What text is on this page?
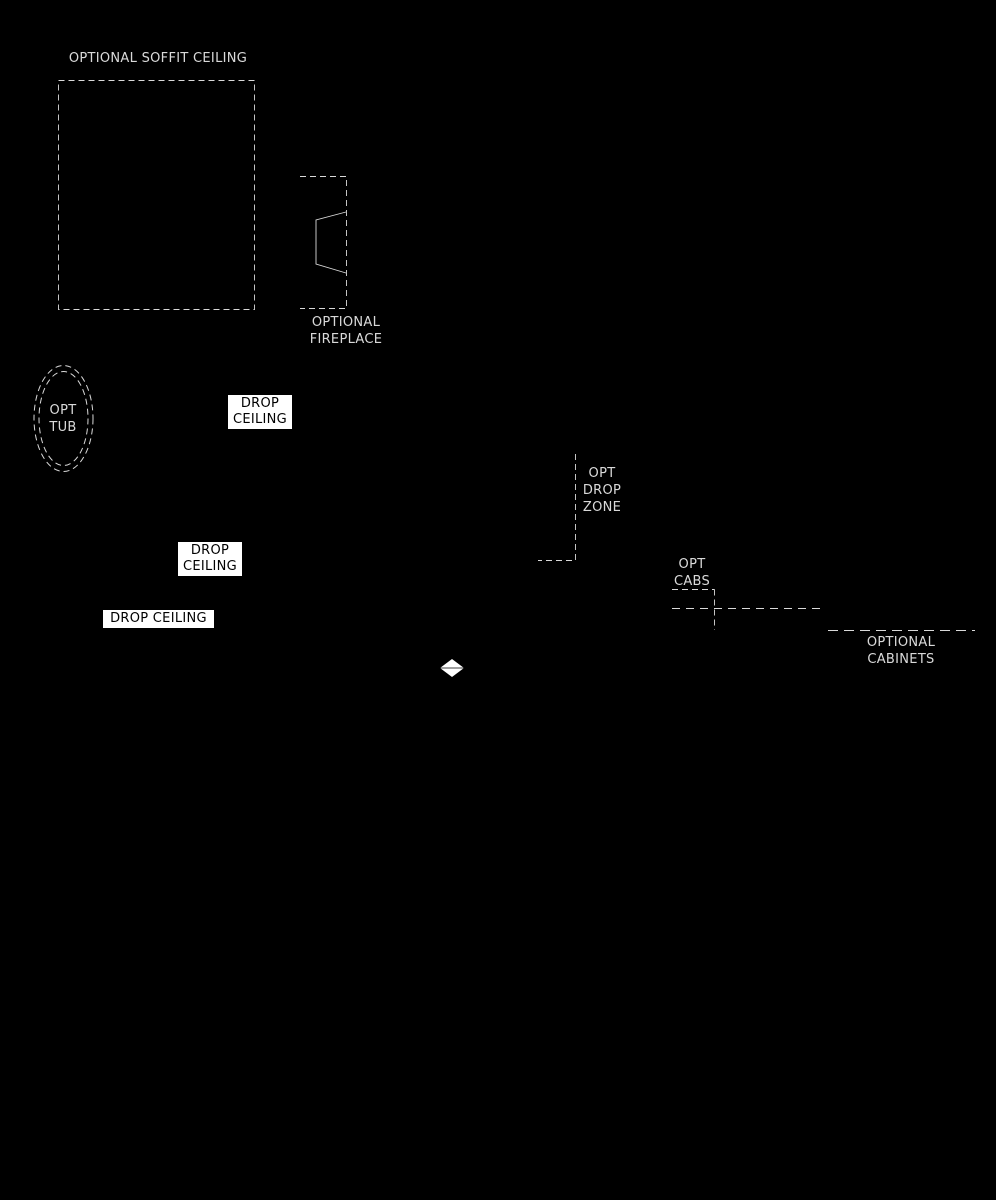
OPTIONAL SOFFIT CEILING
OPTIONAL
FIREPLACE
OPT
TUB
OPT
DROP
ZONE
OPT
CABS
OPTIONAL
CABINETS
DROP
CEILING
DROP
CEILING
DROP CEILING
